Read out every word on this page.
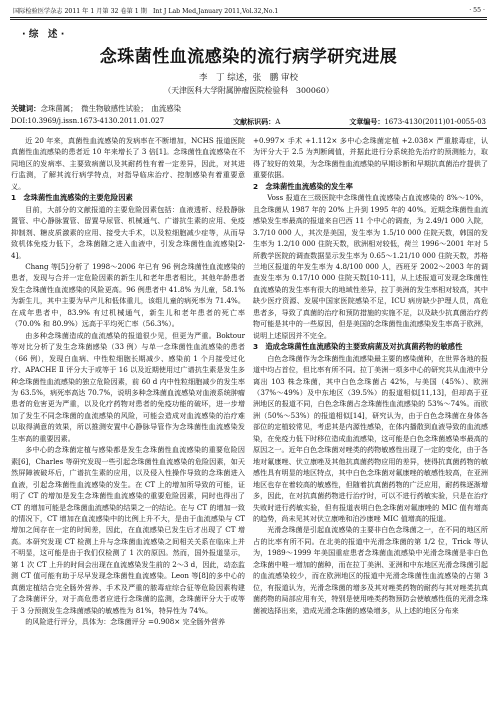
国际检验医学杂志 2011 年 1 月第 32 卷第 1 期　Int J Lab Med,January 2011,Vol.32,No.1	· 55 ·
· 综　述 ·
念珠菌性血流感染的流行病学研究进展
李　丁 综述，张　鹏 审校
（天津医科大学附属肿瘤医院检验科　300060）
关键词：念珠菌属；　微生物敏感性试验；　血流感染
DOI:10.3969/j.issn.1673-4130.2011.01.027	文献标识码：A	文章编号：1673-4130(2011)01-0055-03

近 20 年来，真菌性血流感染的发病率在不断增加，NCHS 报道医院真菌性血流感染的患者近 10 年来增长了 3 倍[1]。念珠菌性血流感染在不同地区的发病率、主要致病菌以及其耐药性有着一定差异，因此，对其进行监测，了解其流行病学特点，对指导临床治疗、控制感染有着重要意义。

1　念珠菌性血流感染的主要危险因素

目前，大部分的文献报道的主要危险因素包括：血液透析、经股静脉置管、中心静脉置管、留置导尿管、机械通气、广谱抗生素的应用、免疫抑制剂、糖皮质激素的应用、接受大手术，以及粒细胞减少症等，从而导致机体免疫力低下，念珠菌随之进入血液中，引发念珠菌性血流感染[2-4]。

Chang 等[5]分析了 1998～2006 年已有 96 例念珠菌性血流感染的患者，发现与合并一定危险因素的新生儿和老年患者相比，其他年龄患者发生念珠菌性血流感染的风险更高。96 例患者中 41.8% 为儿童，58.1% 为新生儿，其中主要为早产儿和低体重儿，该组儿童的病死率为 71.4%。在成年患者中，83.9% 有过机械通气，新生儿和老年患者的死亡率（70.0% 和 80.9%）远高于平均死亡率（56.3%）。

由多种念珠菌造成的血流感染的报道很少见，但更为严重。Boktour 等对比分析了发生念珠菌感染（33 例）与单一念珠菌性血流感染的患者（66 例），发现白血病、中性粒细胞长期减少、感染前 1 个月接受过化疗、APACHE Ⅱ 评分大于或等于 16 以及近期使用过广谱抗生素是发生多种念珠菌性血流感染的独立危险因素，前 60 d 内中性粒细胞减少的发生率为 63.5%，病死率高达 70.7%，说明多种念珠菌血流感染对血液系统肿瘤患者的危害更为严重，以及化疗药物对患者的免疫功能的破坏，进一步增加了发生不同念珠菌的血流感染的风险，可能会造成对血流感染的治疗难以取得满意的效果，所以推测安置中心静脉导管作为念珠菌性血流感染发生率高的重要因素。

多中心的念珠菌定植与感染都是发生念珠菌性血流感染的重要危险因素[6]，Charles 等研究发现一些引起念珠菌性血流感染的危险因素，如天然屏障被破坏后，广谱抗生素的应用，以及侵入性操作导致的念珠菌进入血液，引起念珠菌性血流感染的发生。在 CT 上的增加所导致的可能，证明了 CT 的增加是发生念珠菌性血流感染的重要危险因素，同时也得出了 CT 的增加可能是念珠菌血流感染的结果之一的结论。在与 CT 的增加一致的情况下，CT 增加在血流感染中的比例上升不大，是由于血流感染与 CT 增加之间存在一定的时间差，因此，在血流感染已发生后才出现了 CT 增高。本研究发现 CT 检测上升与念珠菌血流感染之间相关关系在临床上并不明显，这可能是由于我们仅检测了 1 次的原因。然而，国外报道显示，第 1 次 CT 上升的时间会出现在血流感染发生前的 2～3 d，因此，动态监测 CT 值可能有助于尽早发现念珠菌性血流感染。Leon 等[8]的多中心的真菌定植结合完全肠外营养、手术及严重的脓毒症综合征等危险因素构建了念珠菌评分，对于高危患者应进行念珠菌的监测，念珠菌评分大于或等于 3 分预测发生念珠菌感染的敏感性为 81%，特异性为 74%。

的风险进行评分，具体为：念珠菌评分 =0.908× 完全肠外营养

+0.997× 手术 +1.112× 多中心念珠菌定植 +2.038× 严重脓毒症，认为评分大于 2.5 为判断阈值，并据此进行分系统抢先治疗的预测能力，取得了较好的效果，为念珠菌性血流感染的早期诊断和早期抗真菌治疗提供了重要依据。

2　念珠菌性血流感染的发生率

Voss 报道在三级医院中念珠菌性血流感染占血流感染的 8%～10%，且念珠菌从 1987 年的 20% 上升到 1995 年的 40%。近期念珠菌性血流感染发生率最高的报道来自巴西 11 个中心的调查，为 2.49/1 000 入院，3.7/10 000 人，其次是美国，发生率为 1.5/10 000 住院天数，韩国的发生率为 1.2/10 000 住院天数，欧洲相对较低，荷兰 1996～2001 年对 5 所教学医院的调查数据显示发生率为 0.65～1.21/10 000 住院天数，苏格兰地区报道的年发生率为 4.8/100 000 人，西班牙 2002～2003 年的调查发生率为 0.17/10 000 住院天数[10-11]，从上述报道可发现念珠菌性血流感染的发生率有很大的地域性差异，拉丁美洲的发生率相对较高，其中缺少医疗资源、发展中国家医院感染不足，ICU 病房缺少护理人员，高危患者多，导致了真菌的治疗和预防措施的实施不足，以及缺少抗真菌治疗药物可能是其中的一些原因，但是美国的念珠菌性血流感染发生率高于欧洲，说明上述原因并不完全。

3　造成念珠菌性血流感染的主要致病菌及对抗真菌药物的敏感性

白色念珠菌作为念珠菌性血流感染最主要的感染菌种，在世界各地的报道中均占首位，但比率有所不同。拉丁美洲一项多中心的研究共从血液中分离出 103 株念珠菌，其中白色念珠菌占 42%，与美国（45%）、欧洲（37%～49%）及中东地区（39.5%）的报道相似[11,13]，但却高于亚洲地区的报道不同，白色念珠菌占念珠菌性血流感染的 53%～74%。而欧洲（50%～53%）的报道相似[14]，研究认为，由于白色念珠菌在身体各部位的定植较常见，考虑其是内源性感染，在体内播散到血液导致的血流感染，在免疫力低下时移位造成血流感染，这可能是白色念珠菌感染率最高的原因之一。近年白色念珠菌对唑类的药物敏感性出现了一定的变化，由于各地对氟康唑、伏立康唑及其他抗真菌药物应用的差异，使得抗真菌药物的敏感性具有明显的地区特点，其中白色念珠菌对氟康唑的敏感性较高，在亚洲地区也存在着较高的敏感性，但随着抗真菌药物的广泛应用，耐药株逐渐增多，因此，在对抗真菌药物进行治疗时，可以不进行药敏实验，只是在治疗失败时进行药敏实验，但有报道表明白色念珠菌对氟康唑的 MIC 值有增高的趋势，尚未见其对伏立康唑和泊沙康唑 MIC 值增高的报道。

光滑念珠菌是引起血流感染的主要非白色念珠菌之一，在不同的地区所占的比率有所不同。在北美的报道中光滑念珠菌的第 1/2 位，Trick 等认为，1989～1999 年美国重症患者念珠菌血流感染中光滑念珠菌是非白色念珠菌中唯一增加的菌种，而在拉丁美洲、亚洲和中东地区光滑念珠菌引起的血流感染较少，而在欧洲地区的报道中光滑念珠菌性血流感染的占第 3 位，有报道认为，光滑念珠菌的增多及其对唑类药物的耐药与其对唑类抗真菌药物的局部应用有关，特别是使用唑类药物预防会使敏感性低的光滑念珠菌被选择出来，造成光滑念珠菌的感染增多，从上述的地区分布来
